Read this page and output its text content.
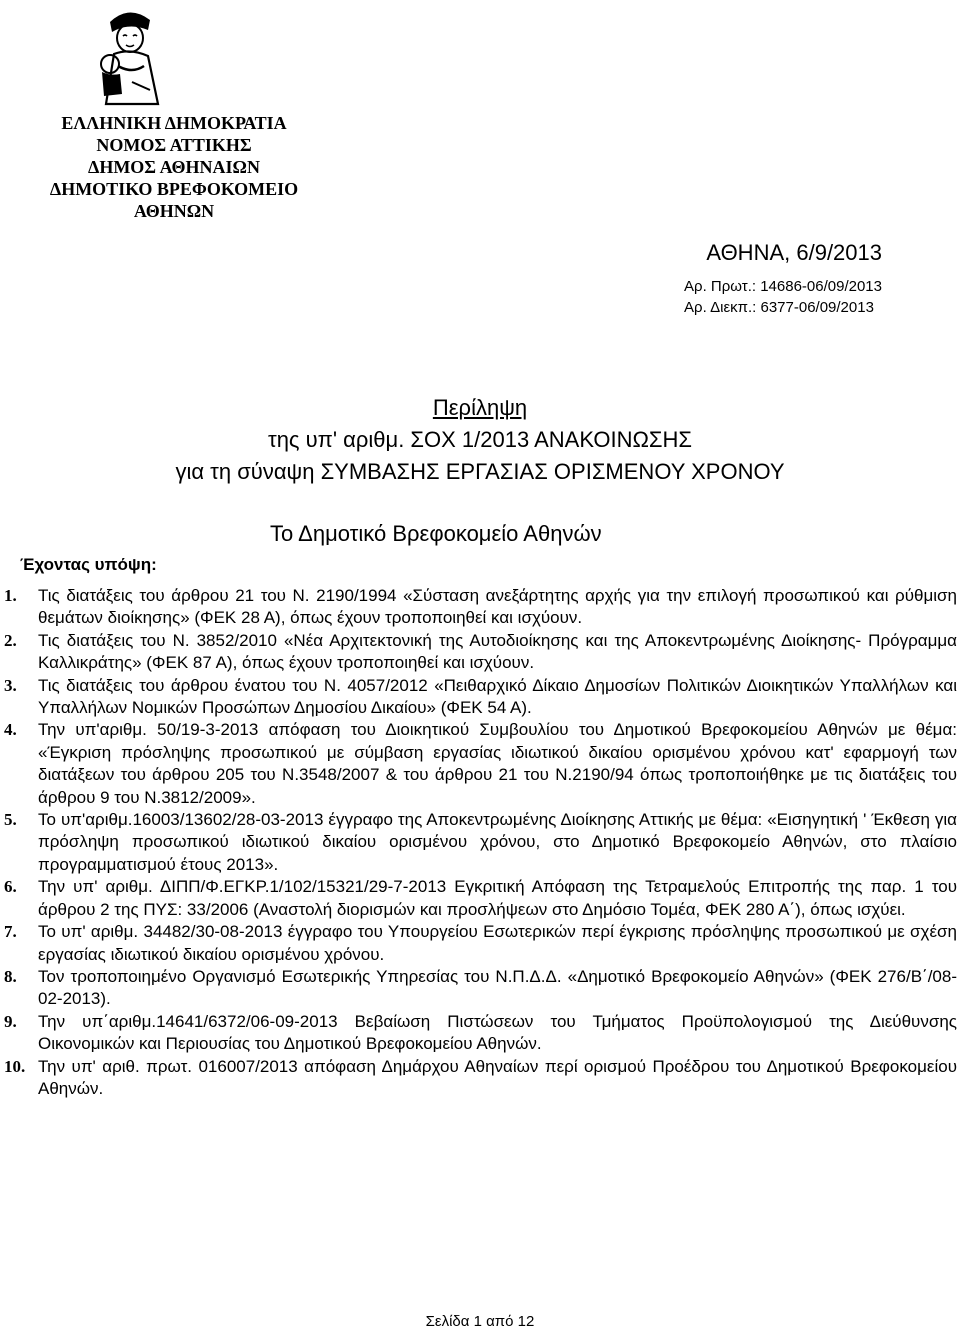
ΕΛΛΗΝΙΚΗ ΔΗΜΟΚΡΑΤΙΑ
ΝΟΜΟΣ ΑΤΤΙΚΗΣ
ΔΗΜΟΣ ΑΘΗΝΑΙΩΝ
ΔΗΜΟΤΙΚΟ ΒΡΕΦΟΚΟΜΕΙΟ
ΑΘΗΝΩΝ
ΑΘΗΝΑ, 6/9/2013
Αρ. Πρωτ.: 14686-06/09/2013
Αρ. Διεκπ.: 6377-06/09/2013
Περίληψη
της υπ' αριθμ. ΣΟΧ 1/2013 ΑΝΑΚΟΙΝΩΣΗΣ
για τη σύναψη ΣΥΜΒΑΣΗΣ ΕΡΓΑΣΙΑΣ ΟΡΙΣΜΕΝΟΥ ΧΡΟΝΟΥ
Το Δημοτικό Βρεφοκομείο Αθηνών
Έχοντας υπόψη:
1.	Τις διατάξεις του άρθρου 21 του Ν. 2190/1994 «Σύσταση ανεξάρτητης αρχής για την επιλογή προσωπικού και ρύθμιση θεμάτων διοίκησης» (ΦΕΚ 28 Α), όπως έχουν τροποποιηθεί και ισχύουν.
2.	Τις διατάξεις του Ν. 3852/2010 «Νέα Αρχιτεκτονική της Αυτοδιοίκησης και της Αποκεντρωμένης Διοίκησης- Πρόγραμμα Καλλικράτης» (ΦΕΚ 87 Α), όπως έχουν τροποποιηθεί και ισχύουν.
3.	Τις διατάξεις του άρθρου ένατου του Ν. 4057/2012 «Πειθαρχικό Δίκαιο Δημοσίων Πολιτικών Διοικητικών Υπαλλήλων και Υπαλλήλων Νομικών Προσώπων Δημοσίου Δικαίου» (ΦΕΚ 54 Α).
4.	Την υπ'αριθμ. 50/19-3-2013 απόφαση του Διοικητικού Συμβουλίου του Δημοτικού Βρεφοκομείου Αθηνών με θέμα: «Έγκριση πρόσληψης προσωπικού με σύμβαση εργασίας ιδιωτικού δικαίου ορισμένου χρόνου κατ' εφαρμογή των διατάξεων του άρθρου 205 του Ν.3548/2007 & του άρθρου 21 του Ν.2190/94 όπως τροποποιήθηκε με τις διατάξεις του άρθρου 9 του Ν.3812/2009».
5.	Το υπ'αριθμ.16003/13602/28-03-2013 έγγραφο της Αποκεντρωμένης Διοίκησης Αττικής με θέμα: «Εισηγητική ' Έκθεση για πρόσληψη προσωπικού ιδιωτικού δικαίου ορισμένου χρόνου, στο Δημοτικό Βρεφοκομείο Αθηνών, στο πλαίσιο προγραμματισμού έτους 2013».
6.	Την υπ' αριθμ. ΔΙΠΠ/Φ.ΕΓΚΡ.1/102/15321/29-7-2013 Εγκριτική Απόφαση της Τετραμελούς Επιτροπής της παρ. 1 του άρθρου 2 της ΠΥΣ: 33/2006 (Αναστολή διορισμών και προσλήψεων στο Δημόσιο Τομέα, ΦΕΚ 280 Α΄), όπως ισχύει.
7.	Το υπ' αριθμ. 34482/30-08-2013 έγγραφο του Υπουργείου Εσωτερικών περί έγκρισης πρόσληψης προσωπικού με σχέση εργασίας ιδιωτικού δικαίου ορισμένου χρόνου.
8.	Τον τροποποιημένο Οργανισμό Εσωτερικής Υπηρεσίας του Ν.Π.Δ.Δ. «Δημοτικό Βρεφοκομείο Αθηνών» (ΦΕΚ 276/Β΄/08-02-2013).
9.	Την υπ΄αριθμ.14641/6372/06-09-2013 Βεβαίωση Πιστώσεων του Τμήματος Προϋπολογισμού της Διεύθυνσης Οικονομικών και Περιουσίας του Δημοτικού Βρεφοκομείου Αθηνών.
10. Την υπ' αριθ. πρωτ. 016007/2013 απόφαση Δημάρχου Αθηναίων περί ορισμού Προέδρου του Δημοτικού Βρεφοκομείου Αθηνών.
Σελίδα 1 από 12
